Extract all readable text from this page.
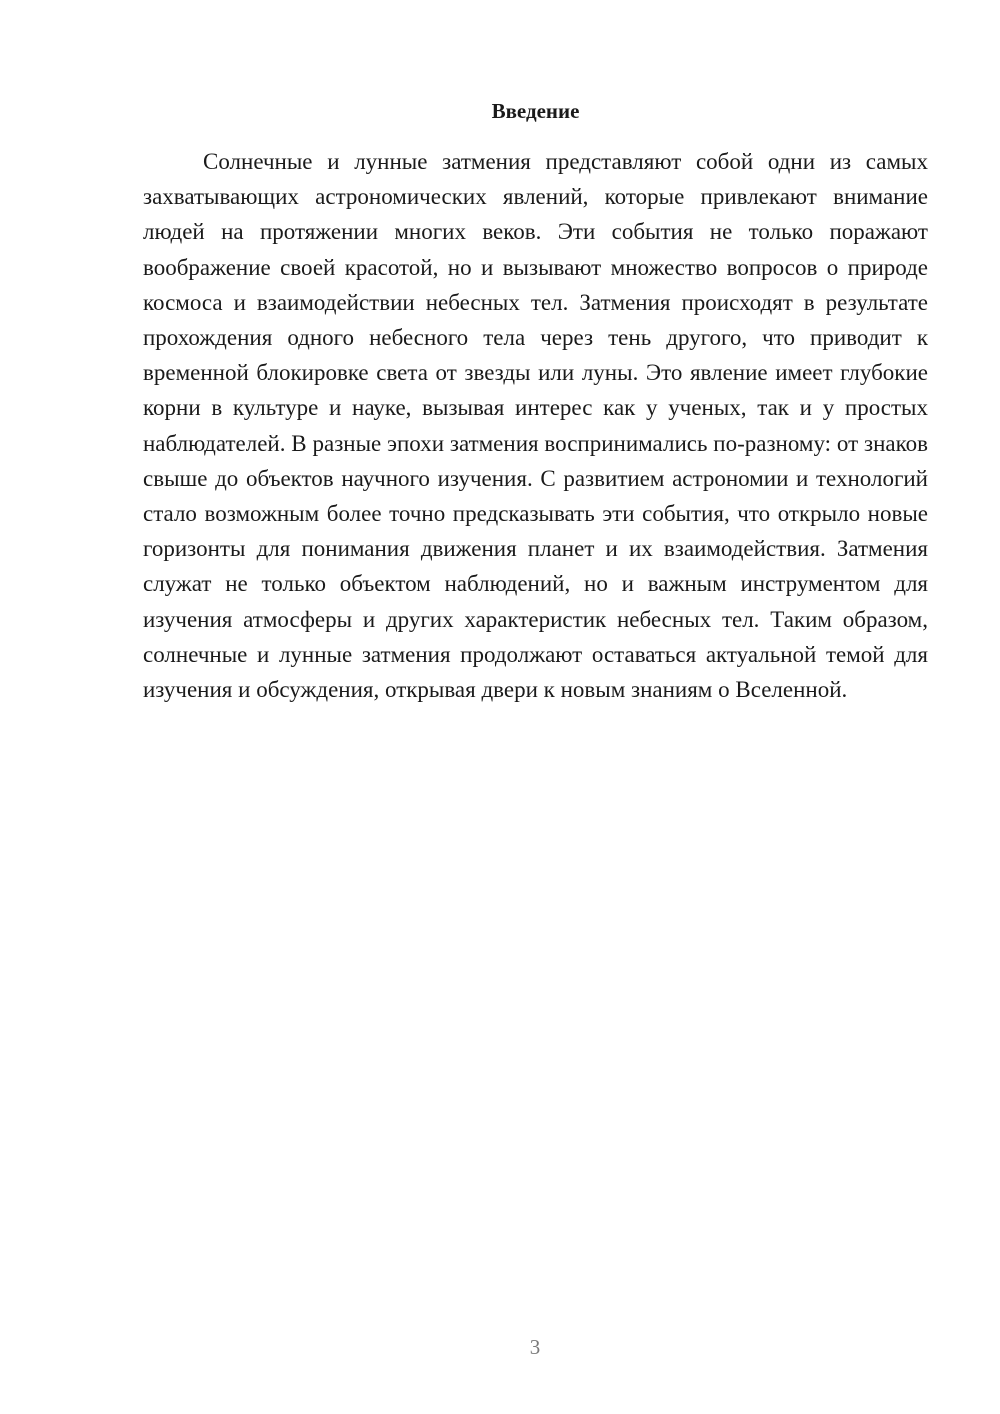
Введение

Солнечные и лунные затмения представляют собой одни из самых захватывающих астрономических явлений, которые привлекают внимание людей на протяжении многих веков. Эти события не только поражают воображение своей красотой, но и вызывают множество вопросов о природе космоса и взаимодействии небесных тел. Затмения происходят в результате прохождения одного небесного тела через тень другого, что приводит к временной блокировке света от звезды или луны. Это явление имеет глубокие корни в культуре и науке, вызывая интерес как у ученых, так и у простых наблюдателей. В разные эпохи затмения воспринимались по-разному: от знаков свыше до объектов научного изучения. С развитием астрономии и технологий стало возможным более точно предсказывать эти события, что открыло новые горизонты для понимания движения планет и их взаимодействия. Затмения служат не только объектом наблюдений, но и важным инструментом для изучения атмосферы и других характеристик небесных тел. Таким образом, солнечные и лунные затмения продолжают оставаться актуальной темой для изучения и обсуждения, открывая двери к новым знаниям о Вселенной.

3
